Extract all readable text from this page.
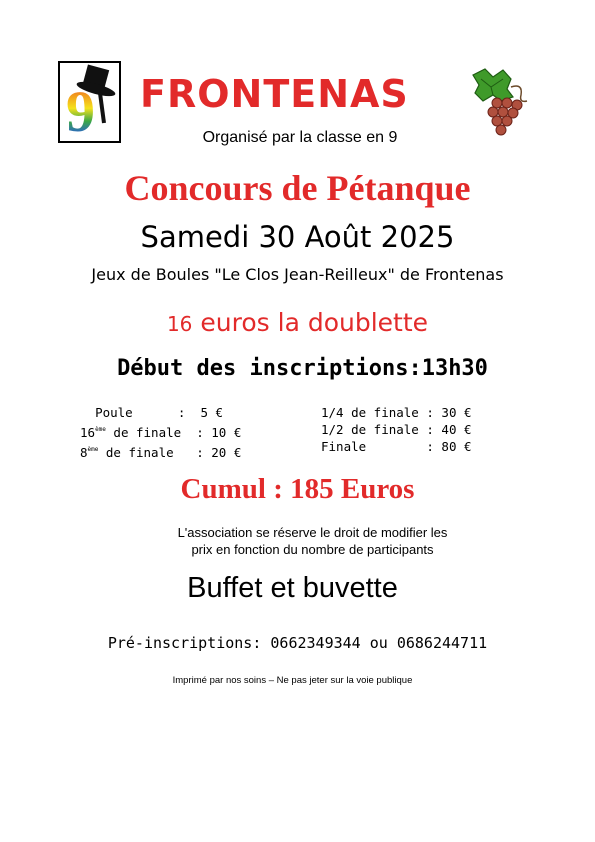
9 FRONTENAS
Organisé par la classe en 9
Concours de Pétanque
Samedi 30 Août 2025
Jeux de Boules "Le Clos Jean-Reilleux" de Frontenas
16 euros la doublette
Début des inscriptions:13h30
Poule      :  5 €
16ème de finale  : 10 €
8ème de finale   : 20 €
1/4 de finale : 30 €
1/2 de finale : 40 €
Finale        : 80 €
Cumul : 185 Euros
L'association se réserve le droit de modifier les
prix en fonction du nombre de participants
Buffet et buvette
Pré-inscriptions: 0662349344 ou 0686244711
Imprimé par nos soins – Ne pas jeter sur la voie publique
